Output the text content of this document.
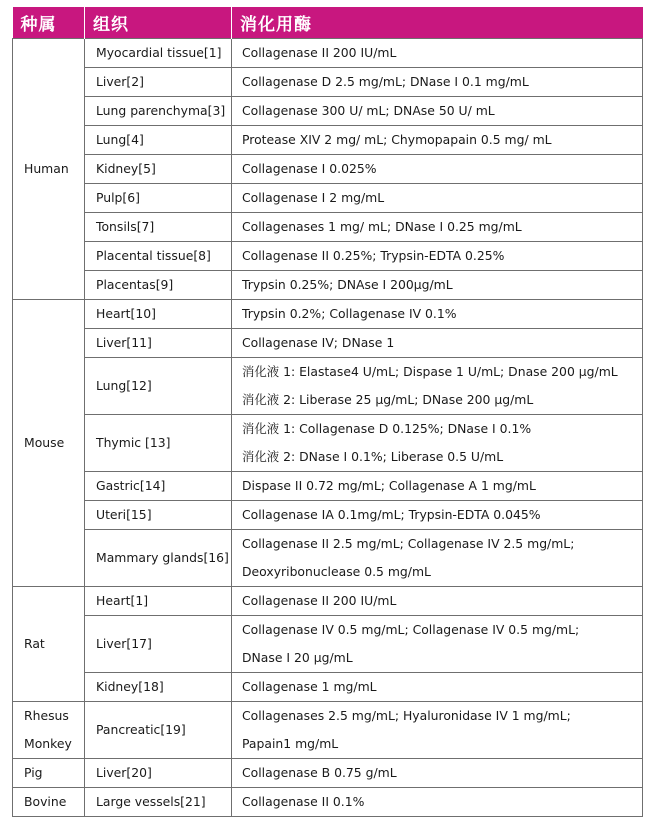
种属	组织	消化用酶
Human	Myocardial tissue[1]	Collagenase II 200 IU/mL
	Liver[2]	Collagenase D 2.5 mg/mL; DNase I 0.1 mg/mL
	Lung parenchyma[3]	Collagenase 300 U/ mL; DNAse 50 U/ mL
	Lung[4]	Protease XIV 2 mg/ mL; Chymopapain 0.5 mg/ mL
	Kidney[5]	Collagenase I 0.025%
	Pulp[6]	Collagenase I 2 mg/mL
	Tonsils[7]	Collagenases 1 mg/ mL; DNase I 0.25 mg/mL
	Placental tissue[8]	Collagenase II 0.25%; Trypsin-EDTA 0.25%
	Placentas[9]	Trypsin 0.25%; DNAse I 200µg/mL
Mouse	Heart[10]	Trypsin 0.2%; Collagenase IV 0.1%
	Liver[11]	Collagenase IV; DNase 1
	Lung[12]	消化液 1: Elastase4 U/mL; Dispase 1 U/mL; Dnase 200 µg/mL
消化液 2: Liberase 25 µg/mL; DNase 200 µg/mL

	Thymic [13]	消化液 1: Collagenase D 0.125%; DNase I 0.1%
消化液 2: DNase I 0.1%; Liberase 0.5 U/mL

	Gastric[14]	Dispase II 0.72 mg/mL; Collagenase A 1 mg/mL
	Uteri[15]	Collagenase IA 0.1mg/mL; Trypsin-EDTA 0.045%
	Mammary glands[16]	Collagenase II 2.5 mg/mL; Collagenase IV 2.5 mg/mL;
Deoxyribonuclease 0.5 mg/mL

Rat	Heart[1]	Collagenase II 200 IU/mL
	Liver[17]	Collagenase IV 0.5 mg/mL; Collagenase IV 0.5 mg/mL;
DNase I 20 µg/mL

	Kidney[18]	Collagenase 1 mg/mL

Rhesus
Monkey	Pancreatic[19]	Collagenases 2.5 mg/mL; Hyaluronidase IV 1 mg/mL;
Papain1 mg/mL

Pig	Liver[20]	Collagenase B 0.75 g/mL
Bovine	Large vessels[21]	Collagenase II 0.1%
